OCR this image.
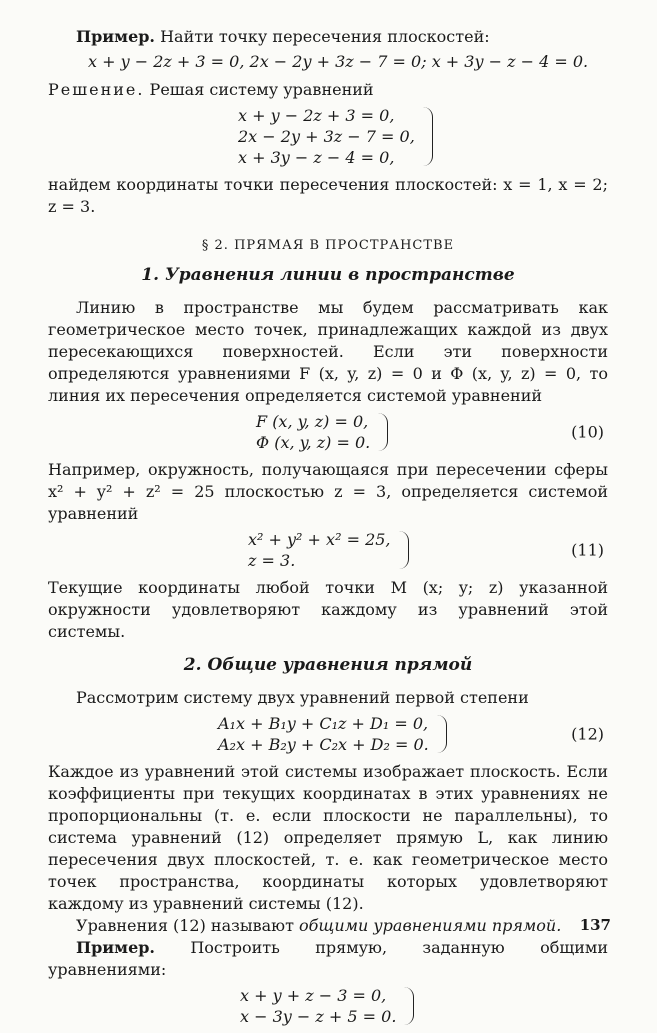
Пример. Найти точку пересечения плоскостей:

x + y − 2z + 3 = 0, 2x − 2y + 3z − 7 = 0; x + 3y − z − 4 = 0.

Решение. Решая систему уравнений

x + y − 2z + 3 = 0,
2x − 2y + 3z − 7 = 0,
x + 3y − z − 4 = 0,

найдем координаты точки пересечения плоскостей: x = 1, x = 2; z = 3.

§ 2. ПРЯМАЯ В ПРОСТРАНСТВЕ
1. Уравнения линии в пространстве

Линию в пространстве мы будем рассматривать как геометрическое место точек, принадлежащих каждой из двух пересекающихся поверхностей. Если эти поверхности определяются уравнениями F (x, y, z) = 0 и Φ (x, y, z) = 0, то линия их пересечения определяется системой уравнений

F (x, y, z) = 0,
Φ (x, y, z) = 0.
(10)

Например, окружность, получающаяся при пересечении сферы x² + y² + z² = 25 плоскостью z = 3, определяется системой уравнений

x² + y² + x² = 25,
z = 3.
(11)

Текущие координаты любой точки M (x; y; z) указанной окружности удовлетворяют каждому из уравнений этой системы.

2. Общие уравнения прямой

Рассмотрим систему двух уравнений первой степени

A₁x + B₁y + C₁z + D₁ = 0,
A₂x + B₂y + C₂x + D₂ = 0.
(12)

Каждое из уравнений этой системы изображает плоскость. Если коэффициенты при текущих координатах в этих уравнениях не пропорциональны (т. е. если плоскости не параллельны), то система уравнений (12) определяет прямую L, как линию пересечения двух плоскостей, т. е. как геометрическое место точек пространства, координаты которых удовлетворяют каждому из уравнений системы (12).

Уравнения (12) называют общими уравнениями прямой.

Пример. Построить прямую, заданную общими уравнениями:

x + y + z − 3 = 0,
x − 3y − z + 5 = 0.
137
